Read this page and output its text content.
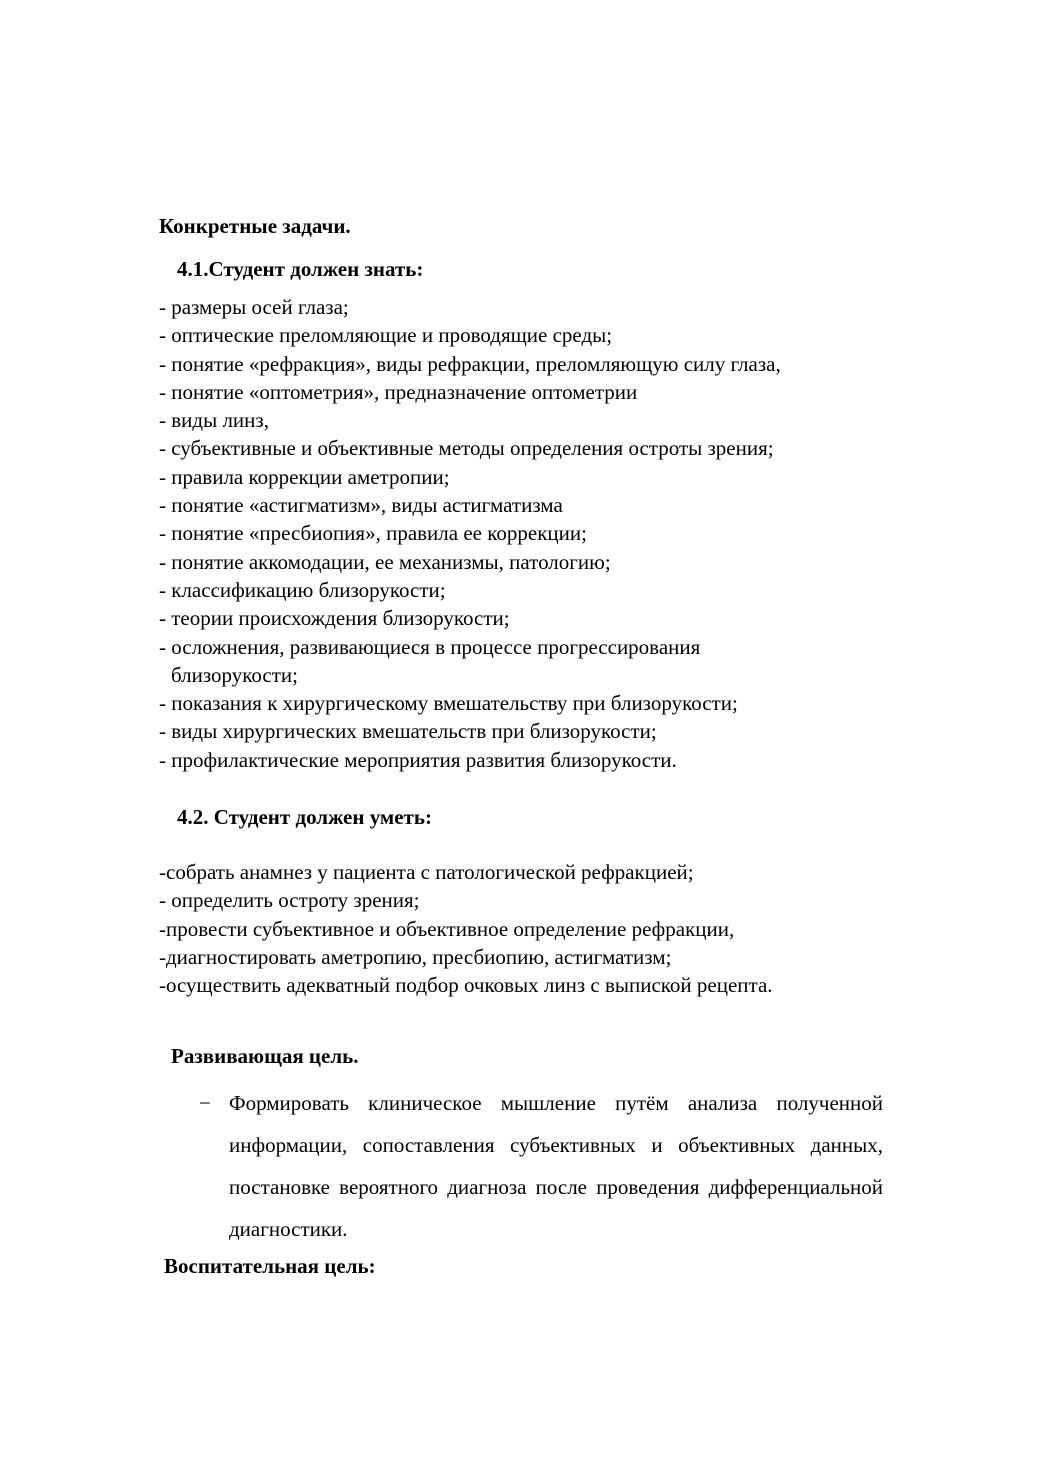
Конкретные задачи.
4.1.Студент должен знать:
- размеры осей глаза;
- оптические преломляющие и проводящие среды;
- понятие «рефракция», виды рефракции, преломляющую силу глаза,
- понятие «оптометрия», предназначение оптометрии
- виды линз,
- субъективные и объективные методы определения остроты зрения;
- правила коррекции аметропии;
- понятие «астигматизм», виды астигматизма
- понятие «пресбиопия», правила ее коррекции;
- понятие аккомодации, ее механизмы, патологию;
- классификацию близорукости;
- теории происхождения близорукости;
- осложнения, развивающиеся в процессе прогрессирования
близорукости;
- показания к хирургическому вмешательству при близорукости;
- виды хирургических вмешательств при близорукости;
- профилактические мероприятия развития близорукости.
4.2. Студент должен уметь:
-собрать анамнез у пациента с патологической рефракцией;
- определить остроту зрения;
-провести субъективное и объективное определение рефракции,
-диагностировать аметропию, пресбиопию, астигматизм;
-осуществить адекватный подбор очковых линз с выпиской рецепта.
Развивающая цель.
− Формировать клиническое мышление путём анализа полученной информации, сопоставления субъективных и объективных данных, постановке вероятного диагноза после проведения дифференциальной диагностики.
Воспитательная цель:
